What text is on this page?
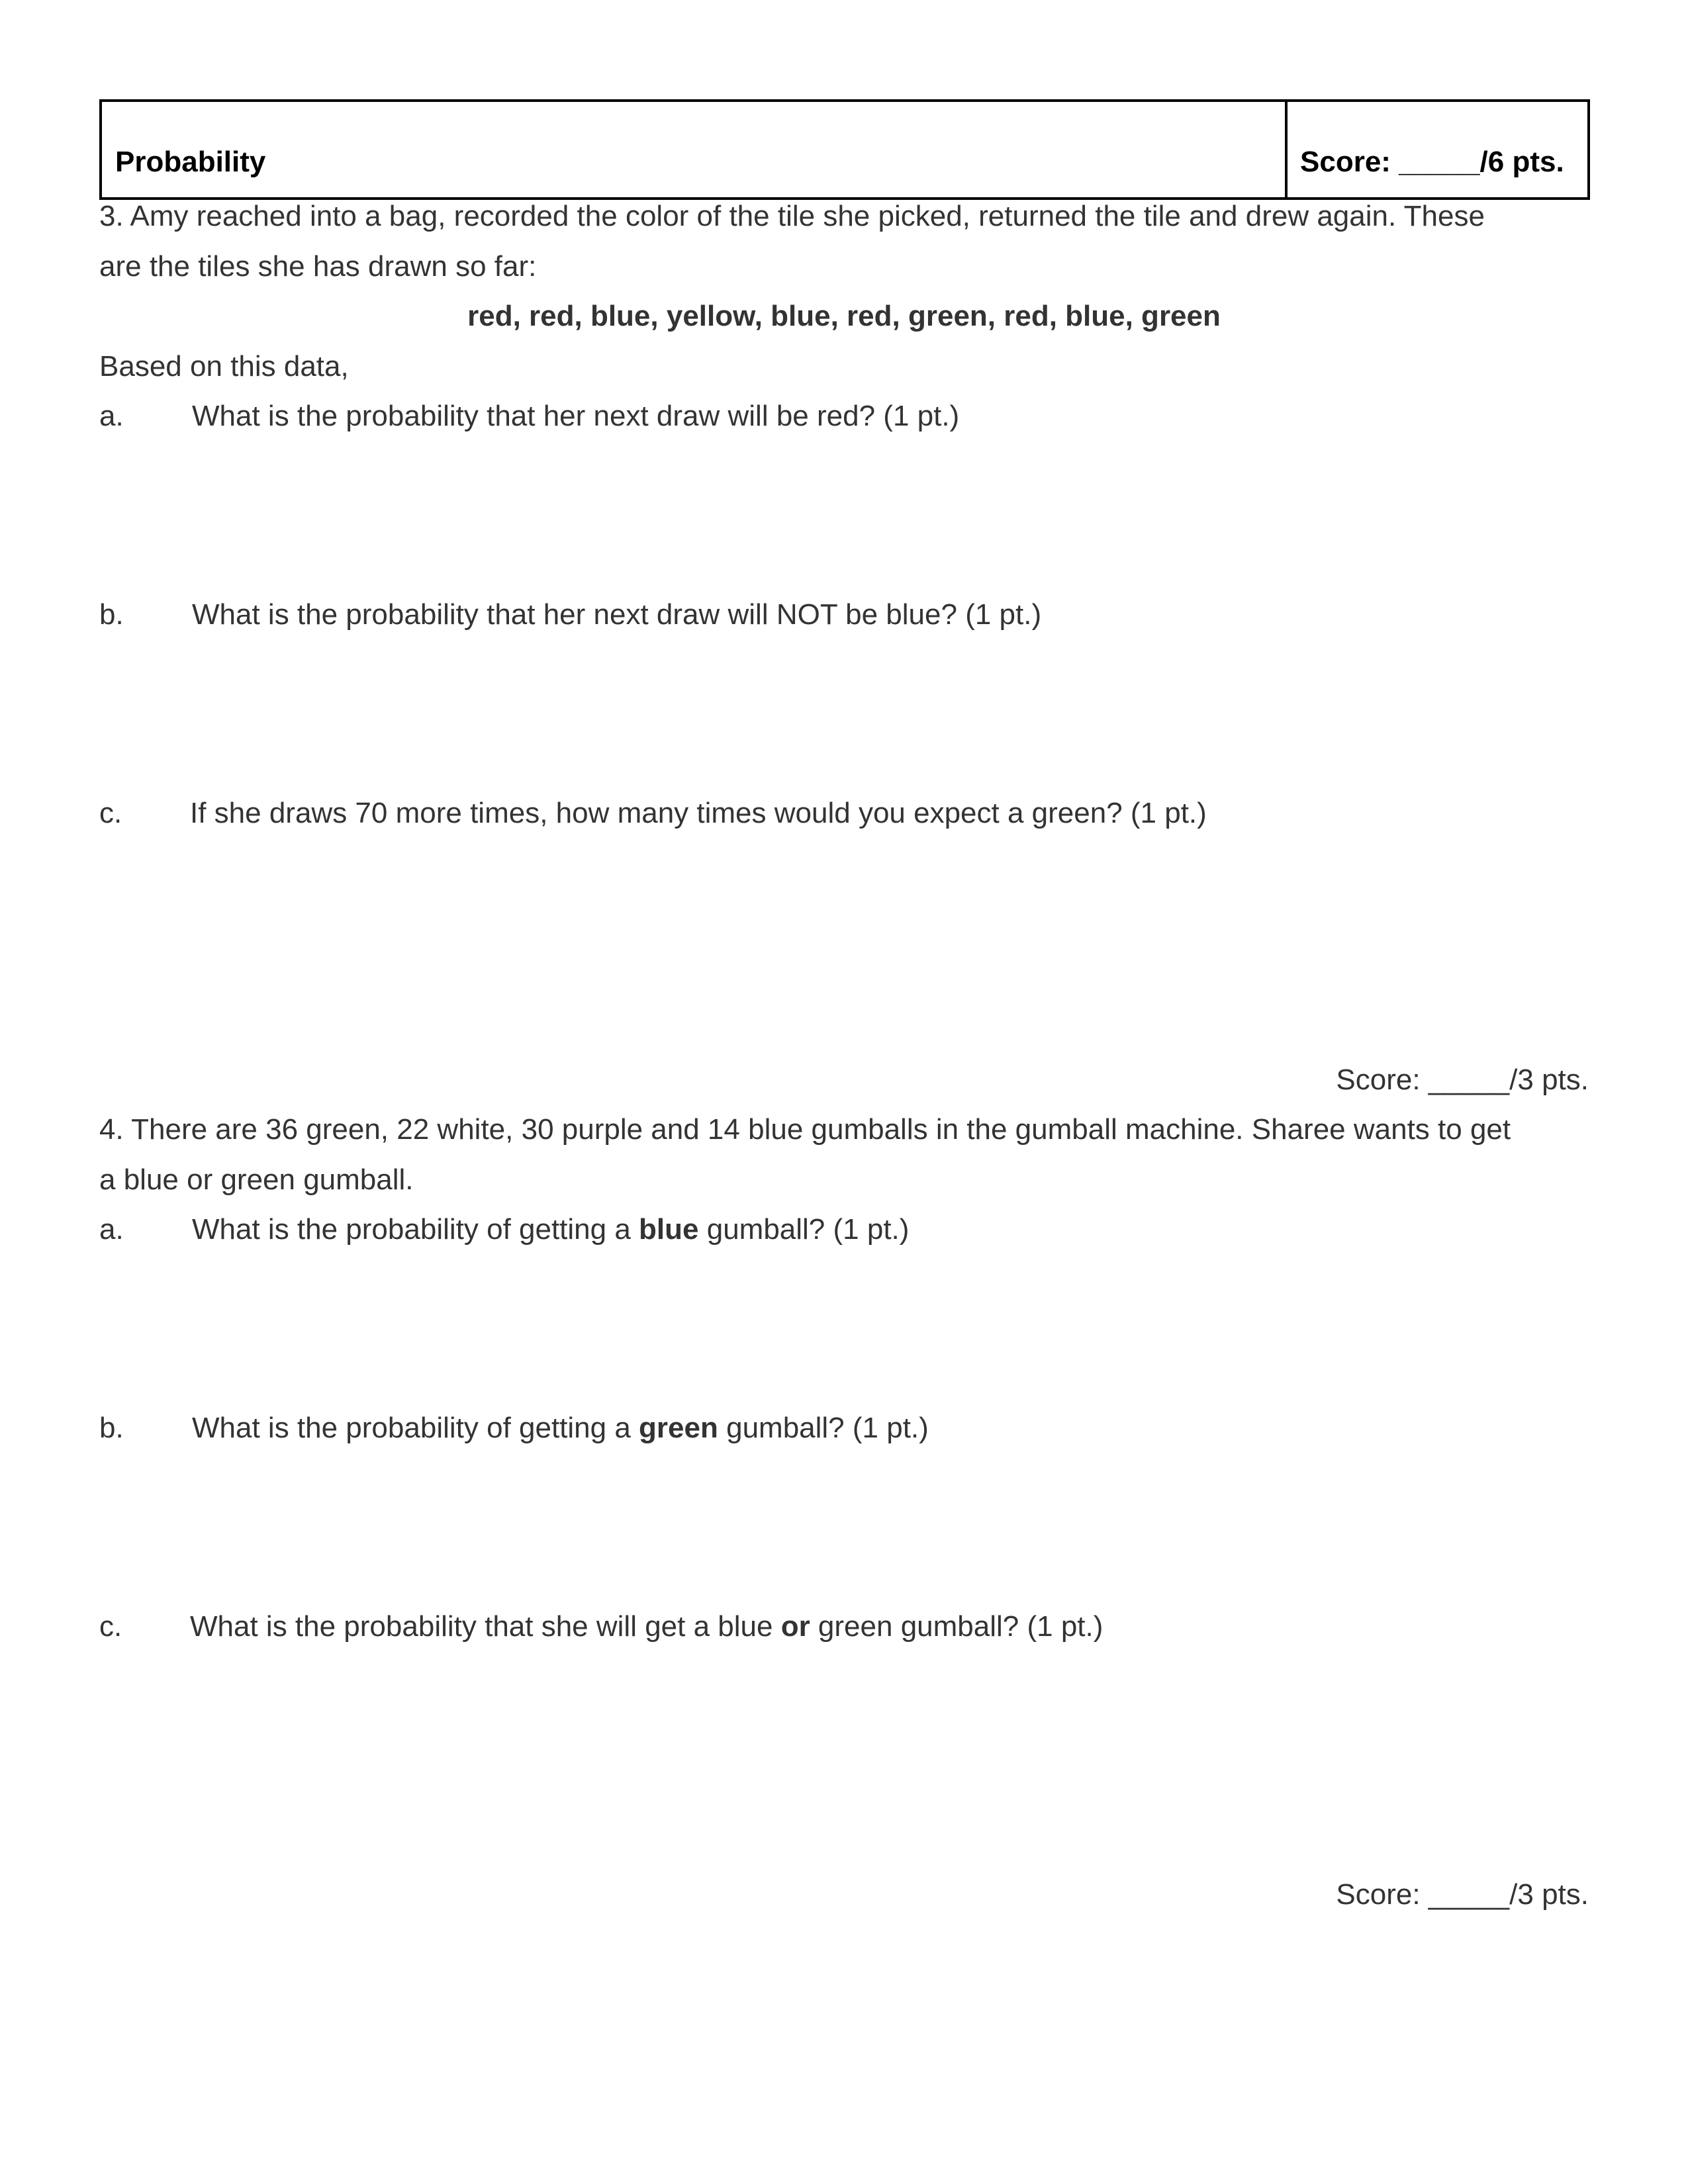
Probability	Score: _____/6 pts.
3. Amy reached into a bag, recorded the color of the tile she picked, returned the tile and drew again. These
are the tiles she has drawn so far:
red, red, blue, yellow, blue, red, green, red, blue, green
Based on this data,
a. What is the probability that her next draw will be red? (1 pt.)
b. What is the probability that her next draw will NOT be blue? (1 pt.)
c. If she draws 70 more times, how many times would you expect a green? (1 pt.)
Score: _____/3 pts.
4. There are 36 green, 22 white, 30 purple and 14 blue gumballs in the gumball machine. Sharee wants to get
a blue or green gumball.
a. What is the probability of getting a blue gumball? (1 pt.)
b. What is the probability of getting a green gumball? (1 pt.)
c. What is the probability that she will get a blue or green gumball? (1 pt.)
Score: _____/3 pts.
